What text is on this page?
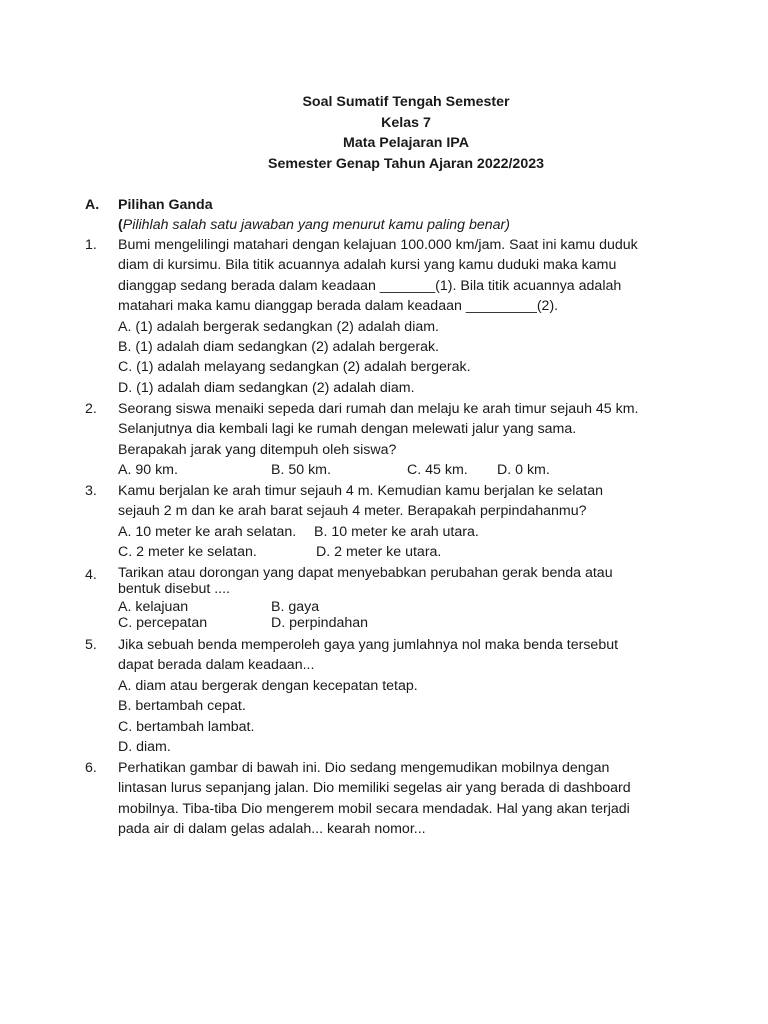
Soal Sumatif Tengah Semester
Kelas 7
Mata Pelajaran IPA
Semester Genap Tahun Ajaran 2022/2023
A. Pilihan Ganda
(Pilihlah salah satu jawaban yang menurut kamu paling benar)
1. Bumi mengelilingi matahari dengan kelajuan 100.000 km/jam. Saat ini kamu duduk
diam di kursimu. Bila titik acuannya adalah kursi yang kamu duduki maka kamu
dianggap sedang berada dalam keadaan _______(1). Bila titik acuannya adalah
matahari maka kamu dianggap berada dalam keadaan _________(2).
A. (1) adalah bergerak sedangkan (2) adalah diam.
B. (1) adalah diam sedangkan (2) adalah bergerak.
C. (1) adalah melayang sedangkan (2) adalah bergerak.
D. (1) adalah diam sedangkan (2) adalah diam.
2. Seorang siswa menaiki sepeda dari rumah dan melaju ke arah timur sejauh 45 km.
Selanjutnya dia kembali lagi ke rumah dengan melewati jalur yang sama.
Berapakah jarak yang ditempuh oleh siswa?
A. 90 km.	B. 50 km.	C. 45 km. D. 0 km.
3. Kamu berjalan ke arah timur sejauh 4 m. Kemudian kamu berjalan ke selatan
sejauh 2 m dan ke arah barat sejauh 4 meter. Berapakah perpindahanmu?
A. 10 meter ke arah selatan. B. 10 meter ke arah utara.
C. 2 meter ke selatan.	D. 2 meter ke utara.
4. Tarikan atau dorongan yang dapat menyebabkan perubahan gerak benda atau
bentuk disebut ....
A. kelajuan	B. gaya
C. percepatan	D. perpindahan
5. Jika sebuah benda memperoleh gaya yang jumlahnya nol maka benda tersebut
dapat berada dalam keadaan...
A. diam atau bergerak dengan kecepatan tetap.
B. bertambah cepat.
C. bertambah lambat.
D. diam.
6. Perhatikan gambar di bawah ini. Dio sedang mengemudikan mobilnya dengan
lintasan lurus sepanjang jalan. Dio memiliki segelas air yang berada di dashboard
mobilnya. Tiba-tiba Dio mengerem mobil secara mendadak. Hal yang akan terjadi
pada air di dalam gelas adalah... kearah nomor...
